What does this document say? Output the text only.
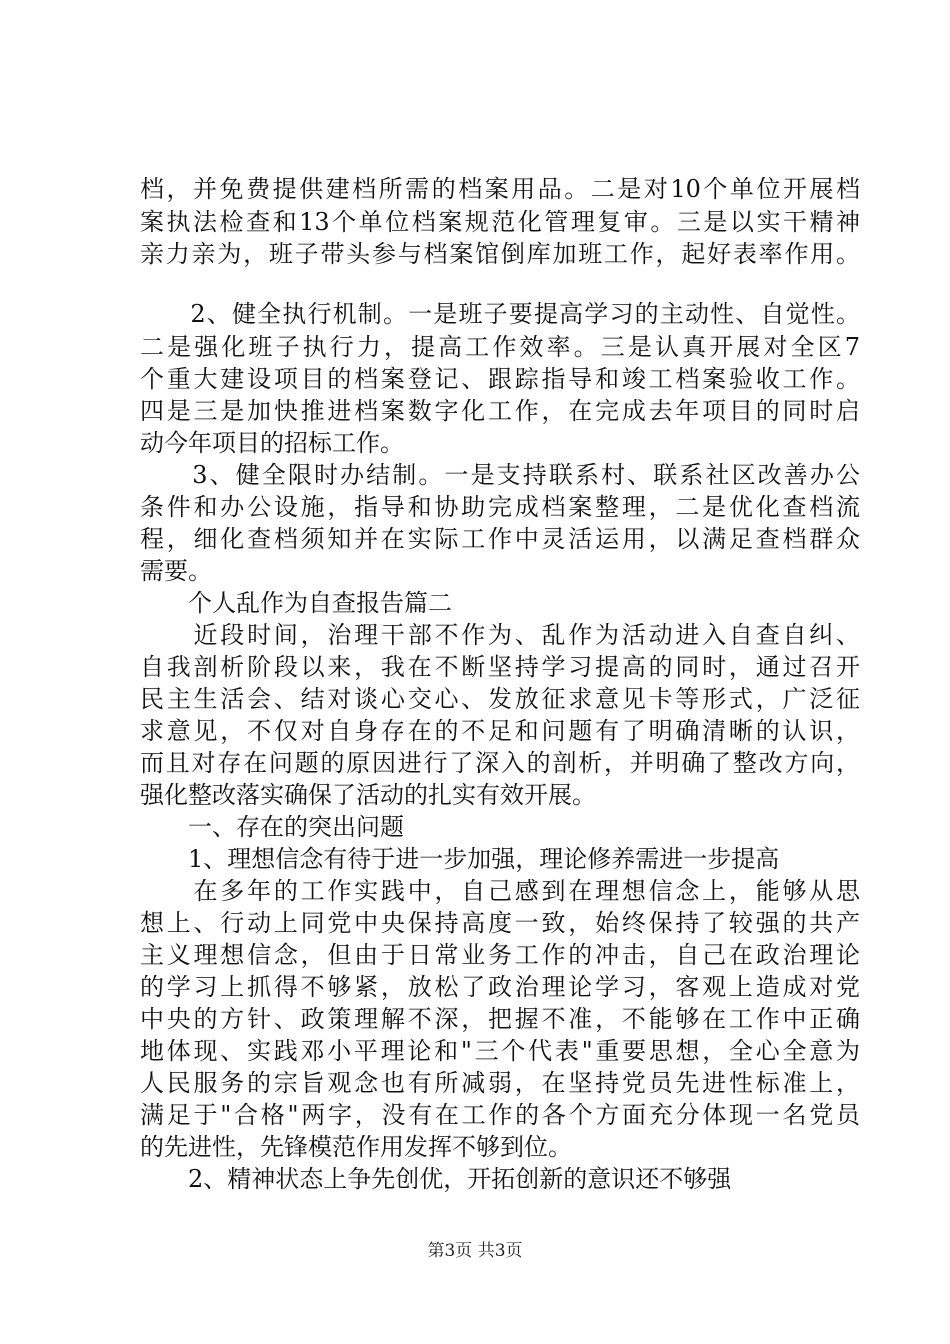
档，并免费提供建档所需的档案用品。二是对10个单位开展档
案执法检查和13个单位档案规范化管理复审。三是以实干精神
亲力亲为，班子带头参与档案馆倒库加班工作，起好表率作用。
　　2、健全执行机制。一是班子要提高学习的主动性、自觉性。
二是强化班子执行力，提高工作效率。三是认真开展对全区7
个重大建设项目的档案登记、跟踪指导和竣工档案验收工作。
四是三是加快推进档案数字化工作，在完成去年项目的同时启
动今年项目的招标工作。
　　3、健全限时办结制。一是支持联系村、联系社区改善办公
条件和办公设施，指导和协助完成档案整理，二是优化查档流
程，细化查档须知并在实际工作中灵活运用，以满足查档群众
需要。
　　个人乱作为自查报告篇二
　　近段时间，治理干部不作为、乱作为活动进入自查自纠、
自我剖析阶段以来，我在不断坚持学习提高的同时，通过召开
民主生活会、结对谈心交心、发放征求意见卡等形式，广泛征
求意见，不仅对自身存在的不足和问题有了明确清晰的认识，
而且对存在问题的原因进行了深入的剖析，并明确了整改方向，
强化整改落实确保了活动的扎实有效开展。
　　一、存在的突出问题
　　1、理想信念有待于进一步加强，理论修养需进一步提高
　　在多年的工作实践中，自己感到在理想信念上，能够从思
想上、行动上同党中央保持高度一致，始终保持了较强的共产
主义理想信念，但由于日常业务工作的冲击，自己在政治理论
的学习上抓得不够紧，放松了政治理论学习，客观上造成对党
中央的方针、政策理解不深，把握不准，不能够在工作中正确
地体现、实践邓小平理论和"三个代表"重要思想，全心全意为
人民服务的宗旨观念也有所减弱，在坚持党员先进性标准上，
满足于"合格"两字，没有在工作的各个方面充分体现一名党员
的先进性，先锋模范作用发挥不够到位。
　　2、精神状态上争先创优，开拓创新的意识还不够强
第3页 共3页
